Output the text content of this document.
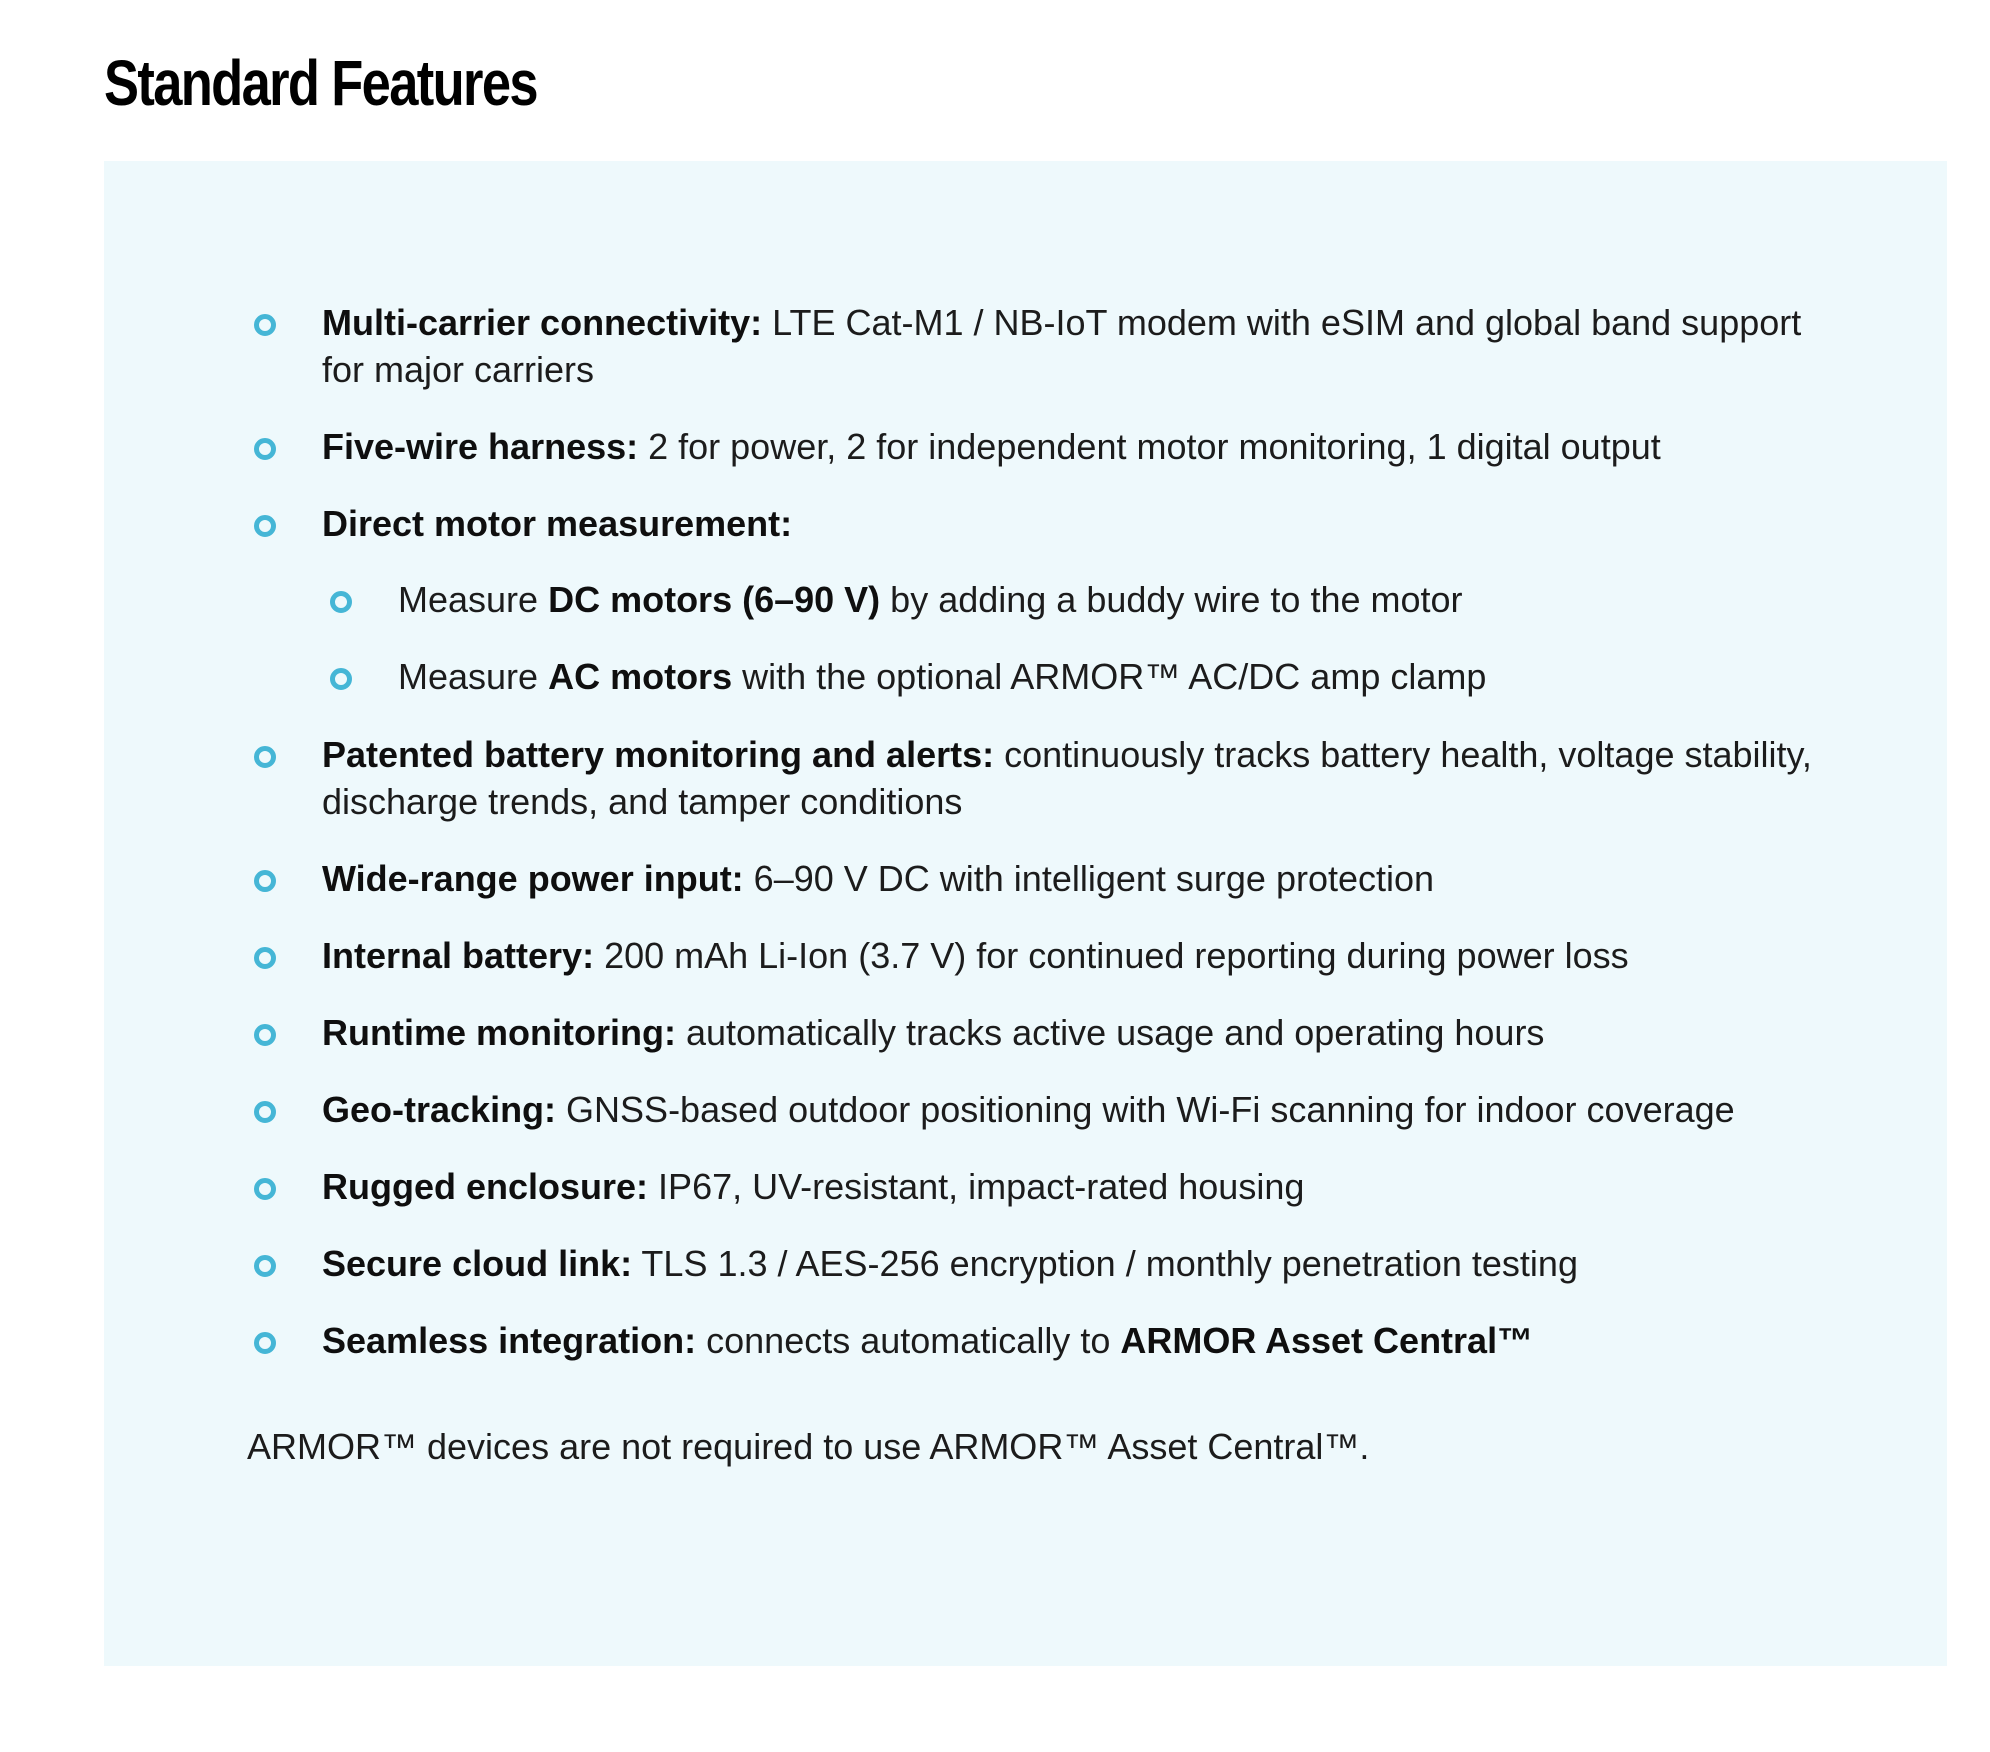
Standard Features
Multi-carrier connectivity: LTE Cat-M1 / NB-IoT modem with eSIM and global band support for major carriers
Five-wire harness: 2 for power, 2 for independent motor monitoring, 1 digital output
Direct motor measurement:
Measure DC motors (6–90 V) by adding a buddy wire to the motor
Measure AC motors with the optional ARMOR™ AC/DC amp clamp
Patented battery monitoring and alerts: continuously tracks battery health, voltage stability, discharge trends, and tamper conditions
Wide-range power input: 6–90 V DC with intelligent surge protection
Internal battery: 200 mAh Li-Ion (3.7 V) for continued reporting during power loss
Runtime monitoring: automatically tracks active usage and operating hours
Geo-tracking: GNSS-based outdoor positioning with Wi-Fi scanning for indoor coverage
Rugged enclosure: IP67, UV-resistant, impact-rated housing
Secure cloud link: TLS 1.3 / AES-256 encryption / monthly penetration testing
Seamless integration: connects automatically to ARMOR Asset Central™

ARMOR™ devices are not required to use ARMOR™ Asset Central™.
